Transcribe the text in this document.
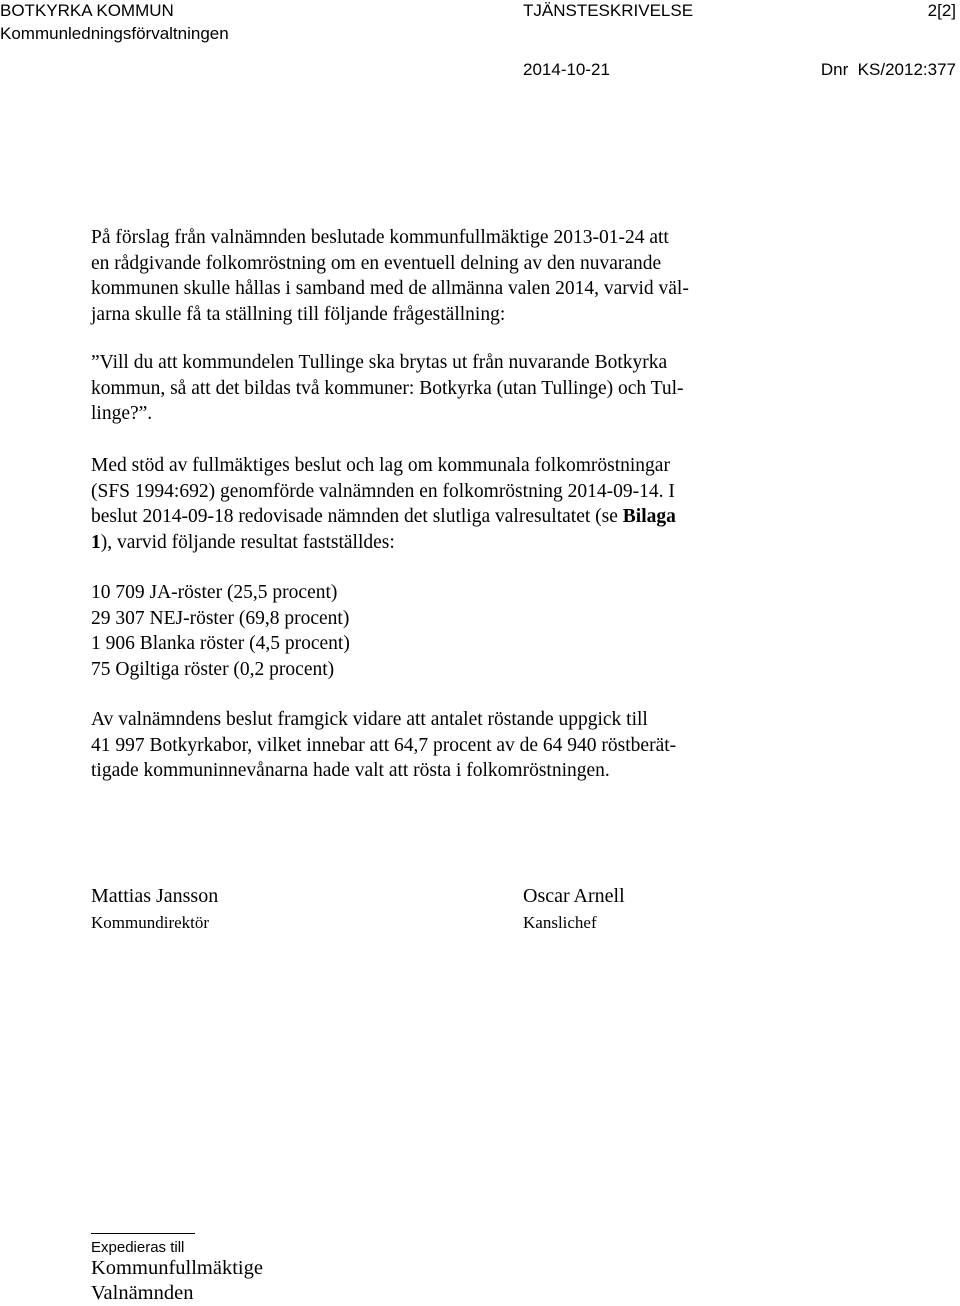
BOTKYRKA KOMMUN	TJÄNSTESKRIVELSE	2[2]
Kommunledningsförvaltningen
2014-10-21	Dnr  KS/2012:377
På förslag från valnämnden beslutade kommunfullmäktige 2013-01-24 att
en rådgivande folkomröstning om en eventuell delning av den nuvarande
kommunen skulle hållas i samband med de allmänna valen 2014, varvid väl-
jarna skulle få ta ställning till följande frågeställning:
”Vill du att kommundelen Tullinge ska brytas ut från nuvarande Botkyrka
kommun, så att det bildas två kommuner: Botkyrka (utan Tullinge) och Tul-
linge?”.
Med stöd av fullmäktiges beslut och lag om kommunala folkomröstningar
(SFS 1994:692) genomförde valnämnden en folkomröstning 2014-09-14. I
beslut 2014-09-18 redovisade nämnden det slutliga valresultatet (se Bilaga
1), varvid följande resultat fastställdes:
10 709 JA-röster (25,5 procent)
29 307 NEJ-röster (69,8 procent)
1 906 Blanka röster (4,5 procent)
75 Ogiltiga röster (0,2 procent)
Av valnämndens beslut framgick vidare att antalet röstande uppgick till
41 997 Botkyrkabor, vilket innebar att 64,7 procent av de 64 940 röstberät-
tigade kommuninnevånarna hade valt att rösta i folkomröstningen.
Mattias Jansson
Kommundirektör
Oscar Arnell
Kanslichef
Expedieras till
Kommunfullmäktige
Valnämnden
